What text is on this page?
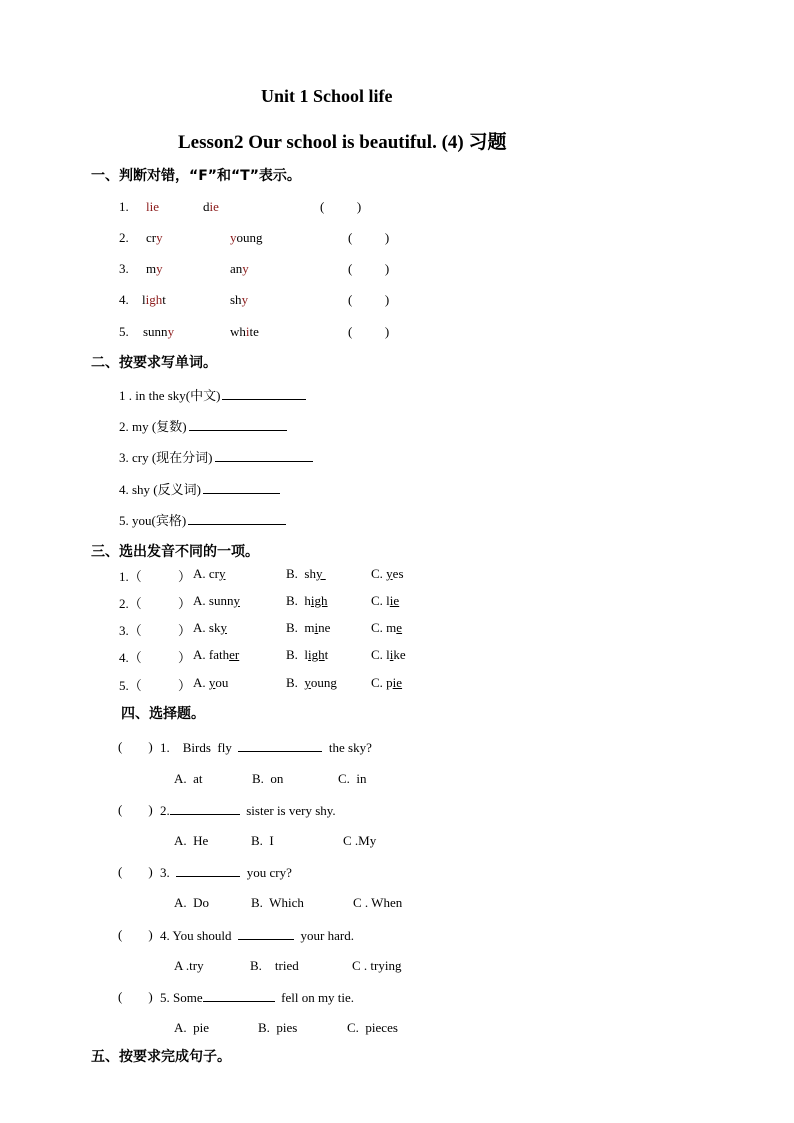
Unit 1 School life
Lesson2 Our school is beautiful. (4) 习题
一、判断对错，“F”和“T”表示。
1. lie	die	(          )
2. cry	young	(          )
3. my	any	(          )
4. light	shy	(          )
5. sunny	white	(          )
二、按要求写单词。
1 . in the sky(中文)
2. my (复数)
3. cry (现在分词)
4. shy (反义词)
5. you(宾格)
三、选出发音不同的一项。
1.（	） A. cry	B.  shy	C. yes
2.（	） A. sunny	B.  high	C. lie
3.（	） A. sky	B.  mine	C. me
4.（	） A. father	B.  light	C. like
5.（	） A. you	B.  young	C. pie
四、选择题。
(        ) 1.    Birds  fly	the sky?
A.  at	B.  on	C.  in
(        ) 2.	sister is very shy.
A.  He	B.  I	C .My
(        ) 3.	you cry?
A.  Do	B.  Which	C . When
(        ) 4. You should	your hard.
A .try	B.    tried	C . trying
(        ) 5. Some	fell on my tie.
A.  pie	B.  pies	C.  pieces
五、按要求完成句子。
